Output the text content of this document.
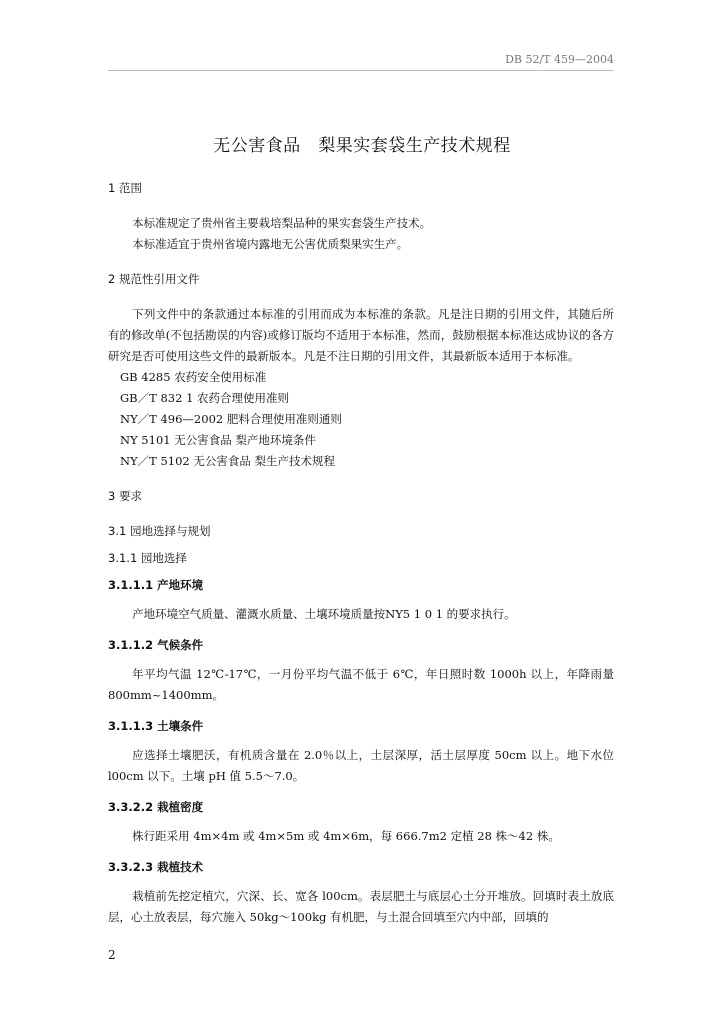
DB 52/T 459—2004
无公害食品　梨果实套袋生产技术规程

1 范围

本标准规定了贵州省主要栽培梨品种的果实套袋生产技术。

本标准适宜于贵州省境内露地无公害优质梨果实生产。

2 规范性引用文件

下列文件中的条款通过本标准的引用而成为本标准的条款。凡是注日期的引用文件，其随后所有的修改单(不包括勘误的内容)或修订版均不适用于本标准，然而，鼓励根据本标准达成协议的各方研究是否可使用这些文件的最新版本。凡是不注日期的引用文件，其最新版本适用于本标准。

GB 4285 农药安全使用标准

GB／T 832 1 农药合理使用准则

NY／T 496—2002 肥料合理使用准则通则

NY 5101 无公害食品 梨产地环境条件

NY／T 5102 无公害食品 梨生产技术规程

3 要求

3.1 园地选择与规划

3.1.1 园地选择

3.1.1.1 产地环境

产地环境空气质量、灌溉水质量、土壤环境质量按NY5 1 0 1 的要求执行。

3.1.1.2 气候条件

年平均气温 12℃-17℃，一月份平均气温不低于 6℃，年日照时数 1000h 以上，年降雨量 800mm~1400mm。

3.1.1.3 土壤条件

应选择土壤肥沃，有机质含量在 2.0％以上，土层深厚，活土层厚度 50cm 以上。地下水位 l00cm 以下。土壤 pH 值 5.5～7.0。

3.3.2.2 栽植密度

株行距采用 4m×4m 或 4m×5m 或 4m×6m，每 666.7m2 定植 28 株～42 株。

3.3.2.3 栽植技术

栽植前先挖定植穴，穴深、长、宽各 l00cm。表层肥土与底层心土分开堆放。回填时表土放底层，心土放表层，每穴施入 50kg～100kg 有机肥，与土混合回填至穴内中部，回填的

2
